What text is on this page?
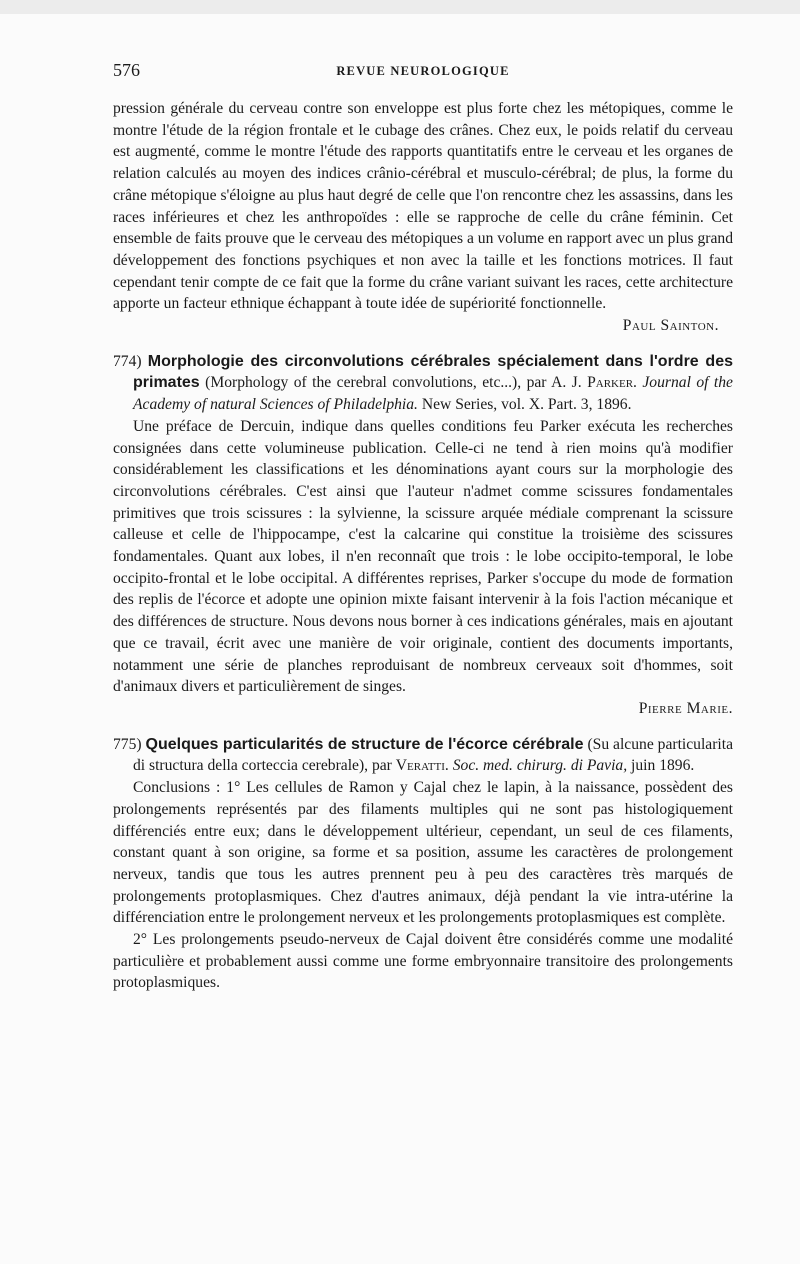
576	REVUE NEUROLOGIQUE

pression générale du cerveau contre son enveloppe est plus forte chez les métopiques, comme le montre l'étude de la région frontale et le cubage des crânes. Chez eux, le poids relatif du cerveau est augmenté, comme le montre l'étude des rapports quantitatifs entre le cerveau et les organes de relation calculés au moyen des indices crânio-cérébral et musculo-cérébral; de plus, la forme du crâne métopique s'éloigne au plus haut degré de celle que l'on rencontre chez les assassins, dans les races inférieures et chez les anthropoïdes : elle se rapproche de celle du crâne féminin. Cet ensemble de faits prouve que le cerveau des métopiques a un volume en rapport avec un plus grand développement des fonctions psychiques et non avec la taille et les fonctions motrices. Il faut cependant tenir compte de ce fait que la forme du crâne variant suivant les races, cette architecture apporte un facteur ethnique échappant à toute idée de supériorité fonctionnelle.

Paul Sainton.

774) Morphologie des circonvolutions cérébrales spécialement dans l'ordre des primates (Morphology of the cerebral convolutions, etc...), par A. J. Parker. Journal of the Academy of natural Sciences of Philadelphia. New Series, vol. X. Part. 3, 1896.

Une préface de Dercuin, indique dans quelles conditions feu Parker exécuta les recherches consignées dans cette volumineuse publication. Celle-ci ne tend à rien moins qu'à modifier considérablement les classifications et les dénominations ayant cours sur la morphologie des circonvolutions cérébrales. C'est ainsi que l'auteur n'admet comme scissures fondamentales primitives que trois scissures : la sylvienne, la scissure arquée médiale comprenant la scissure calleuse et celle de l'hippocampe, c'est la calcarine qui constitue la troisième des scissures fondamentales. Quant aux lobes, il n'en reconnaît que trois : le lobe occipito-temporal, le lobe occipito-frontal et le lobe occipital. A différentes reprises, Parker s'occupe du mode de formation des replis de l'écorce et adopte une opinion mixte faisant intervenir à la fois l'action mécanique et des différences de structure. Nous devons nous borner à ces indications générales, mais en ajoutant que ce travail, écrit avec une manière de voir originale, contient des documents importants, notamment une série de planches reproduisant de nombreux cerveaux soit d'hommes, soit d'animaux divers et particulièrement de singes.

Pierre Marie.

775) Quelques particularités de structure de l'écorce cérébrale (Su alcune particularita di structura della corteccia cerebrale), par Veratti. Soc. med. chirurg. di Pavia, juin 1896.

Conclusions : 1° Les cellules de Ramon y Cajal chez le lapin, à la naissance, possèdent des prolongements représentés par des filaments multiples qui ne sont pas histologiquement différenciés entre eux; dans le développement ultérieur, cependant, un seul de ces filaments, constant quant à son origine, sa forme et sa position, assume les caractères de prolongement nerveux, tandis que tous les autres prennent peu à peu des caractères très marqués de prolongements protoplasmiques. Chez d'autres animaux, déjà pendant la vie intra-utérine la différenciation entre le prolongement nerveux et les prolongements protoplasmiques est complète.

2° Les prolongements pseudo-nerveux de Cajal doivent être considérés comme une modalité particulière et probablement aussi comme une forme embryonnaire transitoire des prolongements protoplasmiques.
